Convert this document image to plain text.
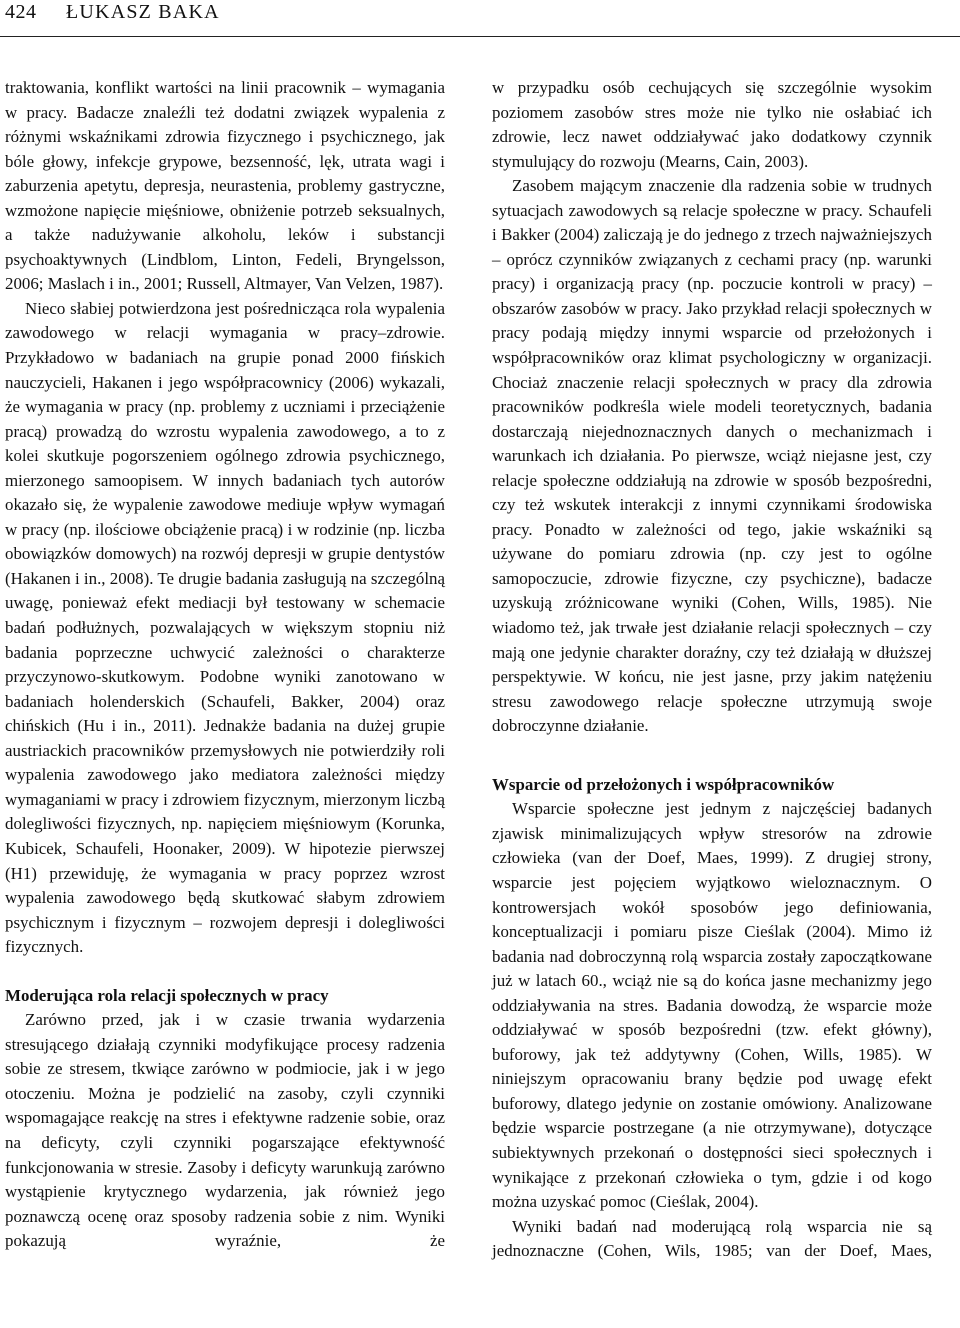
424 ŁUKASZ BAKA

traktowania, konflikt wartości na linii pracownik – wymagania w pracy. Badacze znaleźli też dodatni związek wypalenia z różnymi wskaźnikami zdrowia fizycznego i psychicznego, jak bóle głowy, infekcje grypowe, bezsenność, lęk, utrata wagi i zaburzenia apetytu, depresja, neurastenia, problemy gastryczne, wzmożone napięcie mięśniowe, obniżenie potrzeb seksualnych, a także nadużywanie alkoholu, leków i substancji psychoaktywnych (Lindblom, Linton, Fedeli, Bryngelsson, 2006; Maslach i in., 2001; Russell, Altmayer, Van Velzen, 1987).

Nieco słabiej potwierdzona jest pośrednicząca rola wypalenia zawodowego w relacji wymagania w pracy–zdrowie. Przykładowo w badaniach na grupie ponad 2000 fińskich nauczycieli, Hakanen i jego współpracownicy (2006) wykazali, że wymagania w pracy (np. problemy z uczniami i przeciążenie pracą) prowadzą do wzrostu wypalenia zawodowego, a to z kolei skutkuje pogorszeniem ogólnego zdrowia psychicznego, mierzonego samoopisem. W innych badaniach tych autorów okazało się, że wypalenie zawodowe mediuje wpływ wymagań w pracy (np. ilościowe obciążenie pracą) i w rodzinie (np. liczba obowiązków domowych) na rozwój depresji w grupie dentystów (Hakanen i in., 2008). Te drugie badania zasługują na szczególną uwagę, ponieważ efekt mediacji był testowany w schemacie badań podłużnych, pozwalających w większym stopniu niż badania poprzeczne uchwycić zależności o charakterze przyczynowo-skutkowym. Podobne wyniki zanotowano w badaniach holenderskich (Schaufeli, Bakker, 2004) oraz chińskich (Hu i in., 2011). Jednakże badania na dużej grupie austriackich pracowników przemysłowych nie potwierdziły roli wypalenia zawodowego jako mediatora zależności między wymaganiami w pracy i zdrowiem fizycznym, mierzonym liczbą dolegliwości fizycznych, np. napięciem mięśniowym (Korunka, Kubicek, Schaufeli, Hoonaker, 2009). W hipotezie pierwszej (H1) przewiduję, że wymagania w pracy poprzez wzrost wypalenia zawodowego będą skutkować słabym zdrowiem psychicznym i fizycznym – rozwojem depresji i dolegliwości fizycznych.

Moderująca rola relacji społecznych w pracy

Zarówno przed, jak i w czasie trwania wydarzenia stresującego działają czynniki modyfikujące procesy radzenia sobie ze stresem, tkwiące zarówno w podmiocie, jak i w jego otoczeniu. Można je podzielić na zasoby, czyli czynniki wspomagające reakcję na stres i efektywne radzenie sobie, oraz na deficyty, czyli czynniki pogarszające efektywność funkcjonowania w stresie. Zasoby i deficyty warunkują zarówno wystąpienie krytycznego wydarzenia, jak również jego poznawczą ocenę oraz sposoby radzenia sobie z nim. Wyniki pokazują wyraźnie, że

w przypadku osób cechujących się szczególnie wysokim poziomem zasobów stres może nie tylko nie osłabiać ich zdrowie, lecz nawet oddziaływać jako dodatkowy czynnik stymulujący do rozwoju (Mearns, Cain, 2003).

Zasobem mającym znaczenie dla radzenia sobie w trudnych sytuacjach zawodowych są relacje społeczne w pracy. Schaufeli i Bakker (2004) zaliczają je do jednego z trzech najważniejszych – oprócz czynników związanych z cechami pracy (np. warunki pracy) i organizacją pracy (np. poczucie kontroli w pracy) – obszarów zasobów w pracy. Jako przykład relacji społecznych w pracy podają między innymi wsparcie od przełożonych i współpracowników oraz klimat psychologiczny w organizacji. Chociaż znaczenie relacji społecznych w pracy dla zdrowia pracowników podkreśla wiele modeli teoretycznych, badania dostarczają niejednoznacznych danych o mechanizmach i warunkach ich działania. Po pierwsze, wciąż niejasne jest, czy relacje społeczne oddziałują na zdrowie w sposób bezpośredni, czy też wskutek interakcji z innymi czynnikami środowiska pracy. Ponadto w zależności od tego, jakie wskaźniki są używane do pomiaru zdrowia (np. czy jest to ogólne samopoczucie, zdrowie fizyczne, czy psychiczne), badacze uzyskują zróżnicowane wyniki (Cohen, Wills, 1985). Nie wiadomo też, jak trwałe jest działanie relacji społecznych – czy mają one jedynie charakter doraźny, czy też działają w dłuższej perspektywie. W końcu, nie jest jasne, przy jakim natężeniu stresu zawodowego relacje społeczne utrzymują swoje dobroczynne działanie.

Wsparcie od przełożonych i współpracowników

Wsparcie społeczne jest jednym z najczęściej badanych zjawisk minimalizujących wpływ stresorów na zdrowie człowieka (van der Doef, Maes, 1999). Z drugiej strony, wsparcie jest pojęciem wyjątkowo wieloznacznym. O kontrowersjach wokół sposobów jego definiowania, konceptualizacji i pomiaru pisze Cieślak (2004). Mimo iż badania nad dobroczynną rolą wsparcia zostały zapoczątkowane już w latach 60., wciąż nie są do końca jasne mechanizmy jego oddziaływania na stres. Badania dowodzą, że wsparcie może oddziaływać w sposób bezpośredni (tzw. efekt główny), buforowy, jak też addytywny (Cohen, Wills, 1985). W niniejszym opracowaniu brany będzie pod uwagę efekt buforowy, dlatego jedynie on zostanie omówiony. Analizowane będzie wsparcie postrzegane (a nie otrzymywane), dotyczące subiektywnych przekonań o dostępności sieci społecznych i wynikające z przekonań człowieka o tym, gdzie i od kogo można uzyskać pomoc (Cieślak, 2004).

Wyniki badań nad moderującą rolą wsparcia nie są jednoznaczne (Cohen, Wils, 1985; van der Doef, Maes,
